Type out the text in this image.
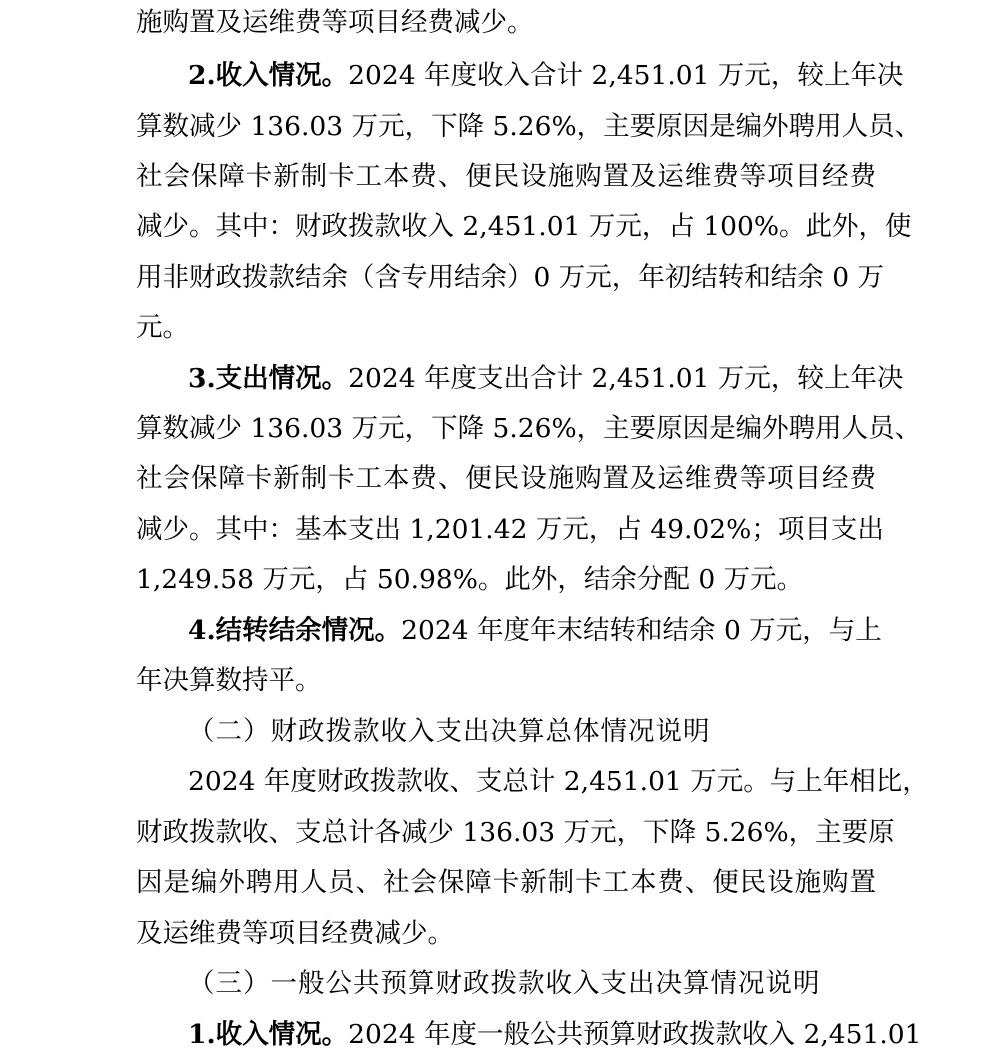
施购置及运维费等项目经费减少。
2.收入情况。2024 年度收入合计 2,451.01 万元，较上年决
算数减少 136.03 万元，下降 5.26%，主要原因是编外聘用人员、
社会保障卡新制卡工本费、便民设施购置及运维费等项目经费
减少。其中：财政拨款收入 2,451.01 万元，占 100%。此外，使
用非财政拨款结余（含专用结余）0 万元，年初结转和结余 0 万
元。
3.支出情况。2024 年度支出合计 2,451.01 万元，较上年决
算数减少 136.03 万元，下降 5.26%，主要原因是编外聘用人员、
社会保障卡新制卡工本费、便民设施购置及运维费等项目经费
减少。其中：基本支出 1,201.42 万元，占 49.02%；项目支出
1,249.58 万元，占 50.98%。此外，结余分配 0 万元。
4.结转结余情况。2024 年度年末结转和结余 0 万元，与上
年决算数持平。
（二）财政拨款收入支出决算总体情况说明
2024 年度财政拨款收、支总计 2,451.01 万元。与上年相比，
财政拨款收、支总计各减少 136.03 万元，下降 5.26%，主要原
因是编外聘用人员、社会保障卡新制卡工本费、便民设施购置
及运维费等项目经费减少。
（三）一般公共预算财政拨款收入支出决算情况说明
1.收入情况。2024 年度一般公共预算财政拨款收入 2,451.01
